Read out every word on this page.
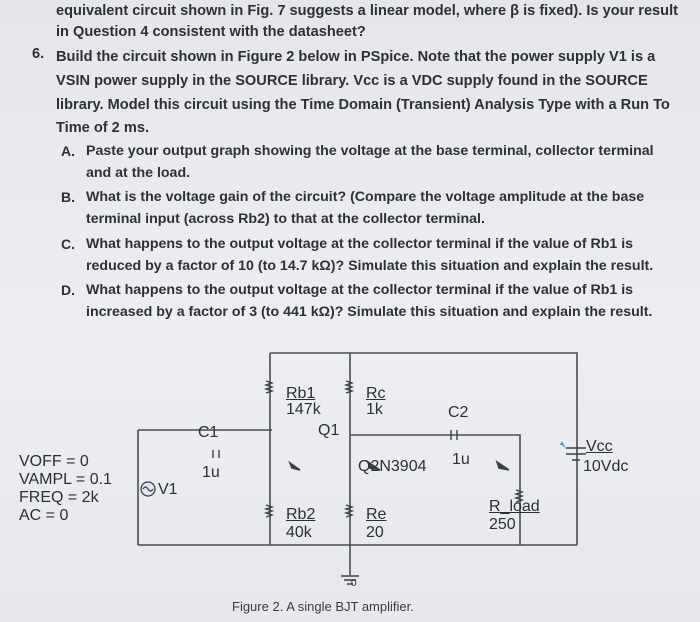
equivalent circuit shown in Fig. 7 suggests a linear model, where β is fixed). Is your result
in Question 4 consistent with the datasheet?
6. Build the circuit shown in Figure 2 below in PSpice. Note that the power supply V1 is a
VSIN power supply in the SOURCE library. Vcc is a VDC supply found in the SOURCE
library. Model this circuit using the Time Domain (Transient) Analysis Type with a Run To
Time of 2 ms.
A. Paste your output graph showing the voltage at the base terminal, collector terminal
and at the load.
B. What is the voltage gain of the circuit? (Compare the voltage amplitude at the base
terminal input (across Rb2) to that at the collector terminal.
C. What happens to the output voltage at the collector terminal if the value of Rb1 is
reduced by a factor of 10 (to 14.7 kΩ)? Simulate this situation and explain the result.
D. What happens to the output voltage at the collector terminal if the value of Rb1 is
increased by a factor of 3 (to 441 kΩ)? Simulate this situation and explain the result.
Rb1
147k
Rc
1k
Q1
C2
C1
1u	Q2N3904 1u
Vcc
10Vdc
VOFF = 0
VAMPL = 0.1
V1
FREQ = 2k
AC = 0	Rb2
40k
Re
20
R_load
250
0
Figure 2. A single BJT amplifier.
